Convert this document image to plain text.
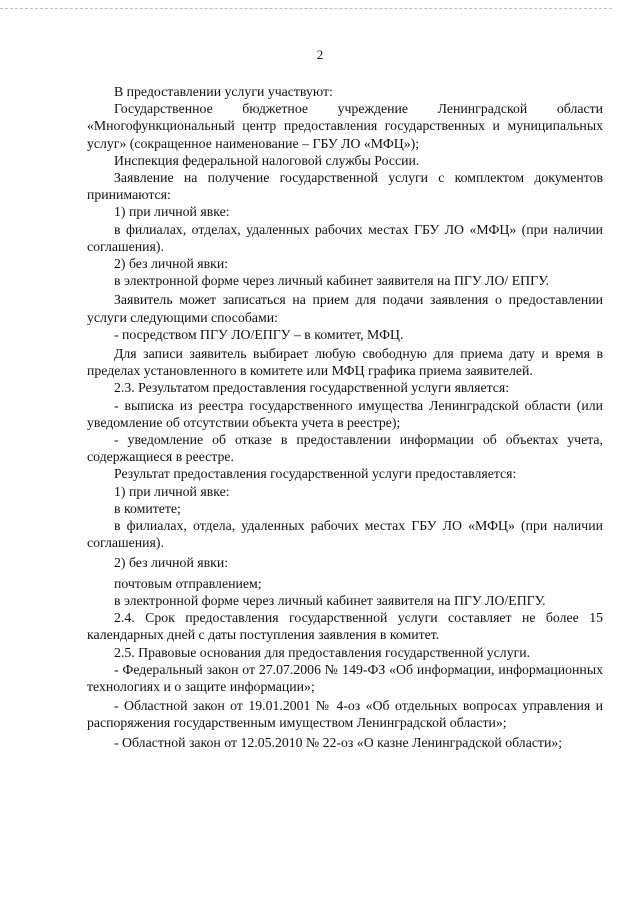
2

В предоставлении услуги участвуют:

Государственное бюджетное учреждение Ленинградской области «Многофункциональный центр предоставления государственных и муниципальных услуг» (сокращенное наименование – ГБУ ЛО «МФЦ»);

Инспекция федеральной налоговой службы России.

Заявление на получение государственной услуги с комплектом документов принимаются:

1) при личной явке:

в филиалах, отделах, удаленных рабочих местах ГБУ ЛО «МФЦ» (при наличии соглашения).

2) без личной явки:

в электронной форме через личный кабинет заявителя на ПГУ ЛО/ ЕПГУ.

Заявитель может записаться на прием для подачи заявления о предоставлении услуги следующими способами:

- посредством ПГУ ЛО/ЕПГУ – в комитет, МФЦ.

Для записи заявитель выбирает любую свободную для приема дату и время в пределах установленного в комитете или МФЦ графика приема заявителей.

2.3. Результатом предоставления государственной услуги является:

- выписка из реестра государственного имущества Ленинградской области (или уведомление об отсутствии объекта учета в реестре);

- уведомление об отказе в предоставлении информации об объектах учета, содержащиеся в реестре.

Результат предоставления государственной услуги предоставляется:

1) при личной явке:

в комитете;

в филиалах, отдела, удаленных рабочих местах ГБУ ЛО «МФЦ» (при наличии соглашения).

2) без личной явки:

почтовым отправлением;

в электронной форме через личный кабинет заявителя на ПГУ ЛО/ЕПГУ.

2.4. Срок предоставления государственной услуги составляет не более 15 календарных дней с даты поступления заявления в комитет.

2.5. Правовые основания для предоставления государственной услуги.

- Федеральный закон от 27.07.2006 № 149-ФЗ «Об информации, информационных технологиях и о защите информации»;

- Областной закон от 19.01.2001 № 4-оз «Об отдельных вопросах управления и распоряжения государственным имуществом Ленинградской области»;

- Областной закон от 12.05.2010 № 22-оз «О казне Ленинградской области»;
